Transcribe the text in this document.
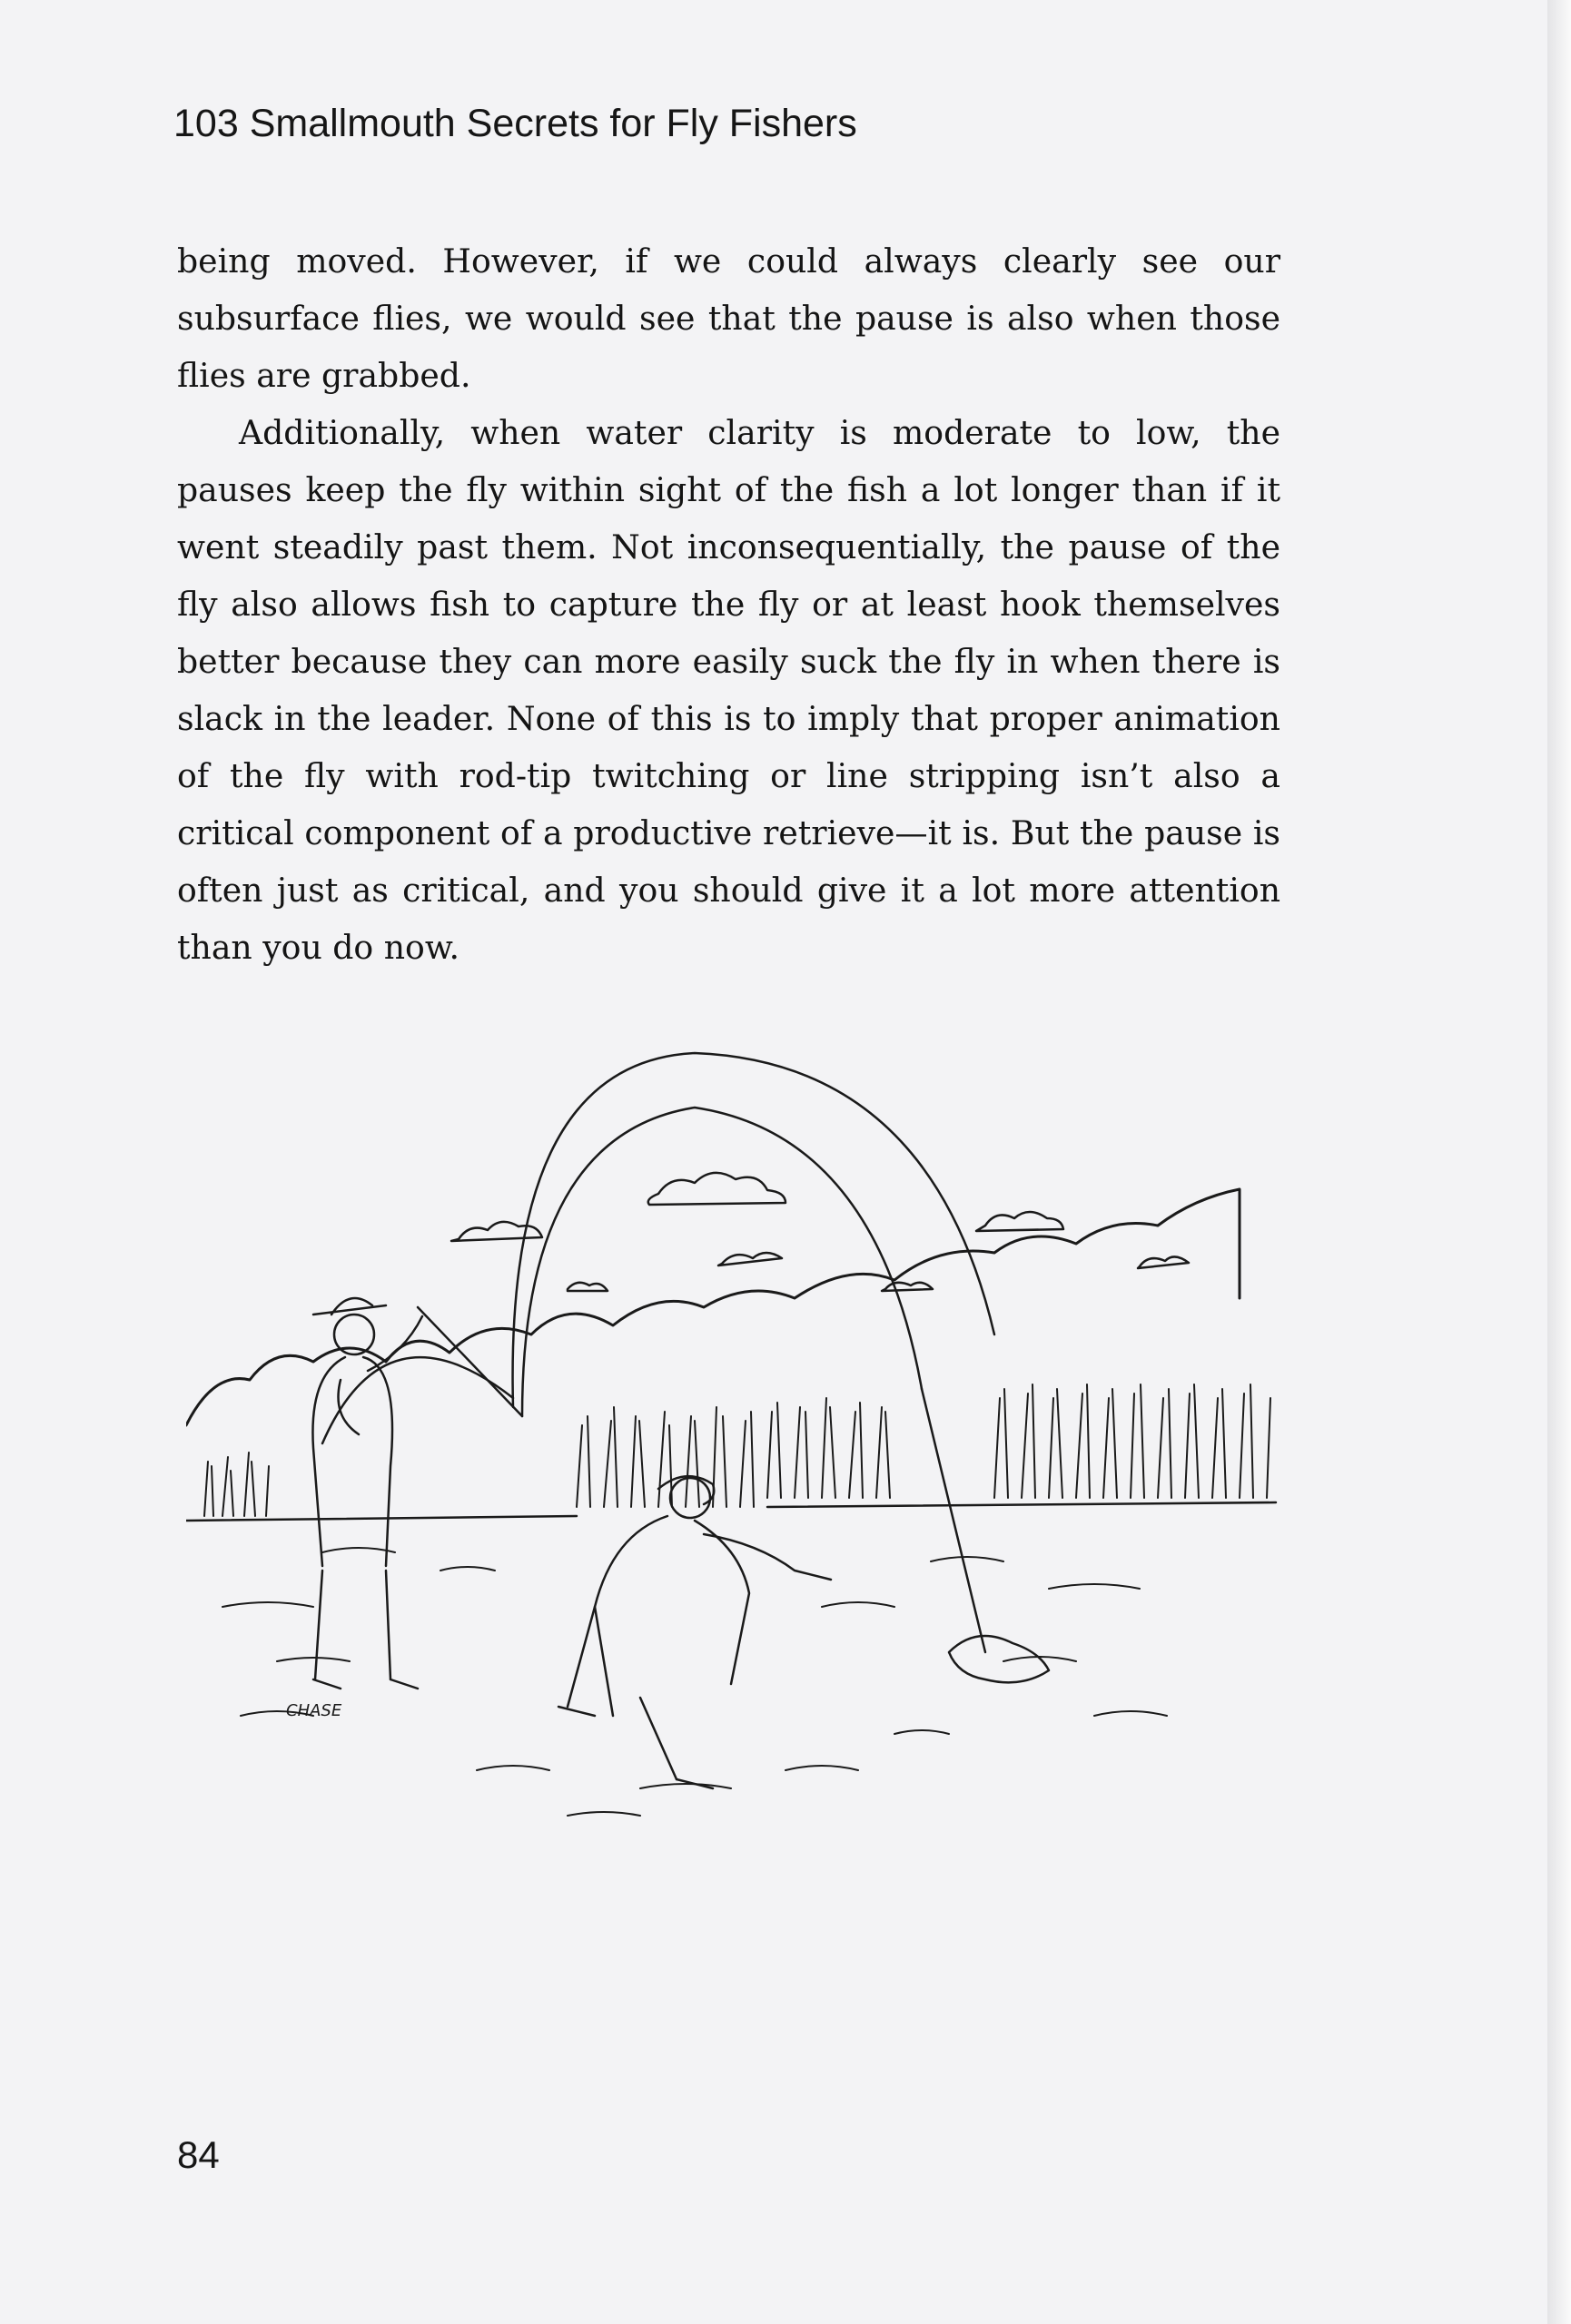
103 Smallmouth Secrets for Fly Fishers

being moved. However, if we could always clearly see our subsurface flies, we would see that the pause is also when those flies are grabbed.

Additionally, when water clarity is moderate to low, the pauses keep the fly within sight of the fish a lot longer than if it went steadily past them. Not inconsequentially, the pause of the fly also allows fish to capture the fly or at least hook themselves better because they can more easily suck the fly in when there is slack in the leader. None of this is to imply that proper animation of the fly with rod-tip twitching or line stripping isn’t also a critical component of a productive retrieve—it is. But the pause is often just as critical, and you should give it a lot more attention than you do now.

CHASE
84
